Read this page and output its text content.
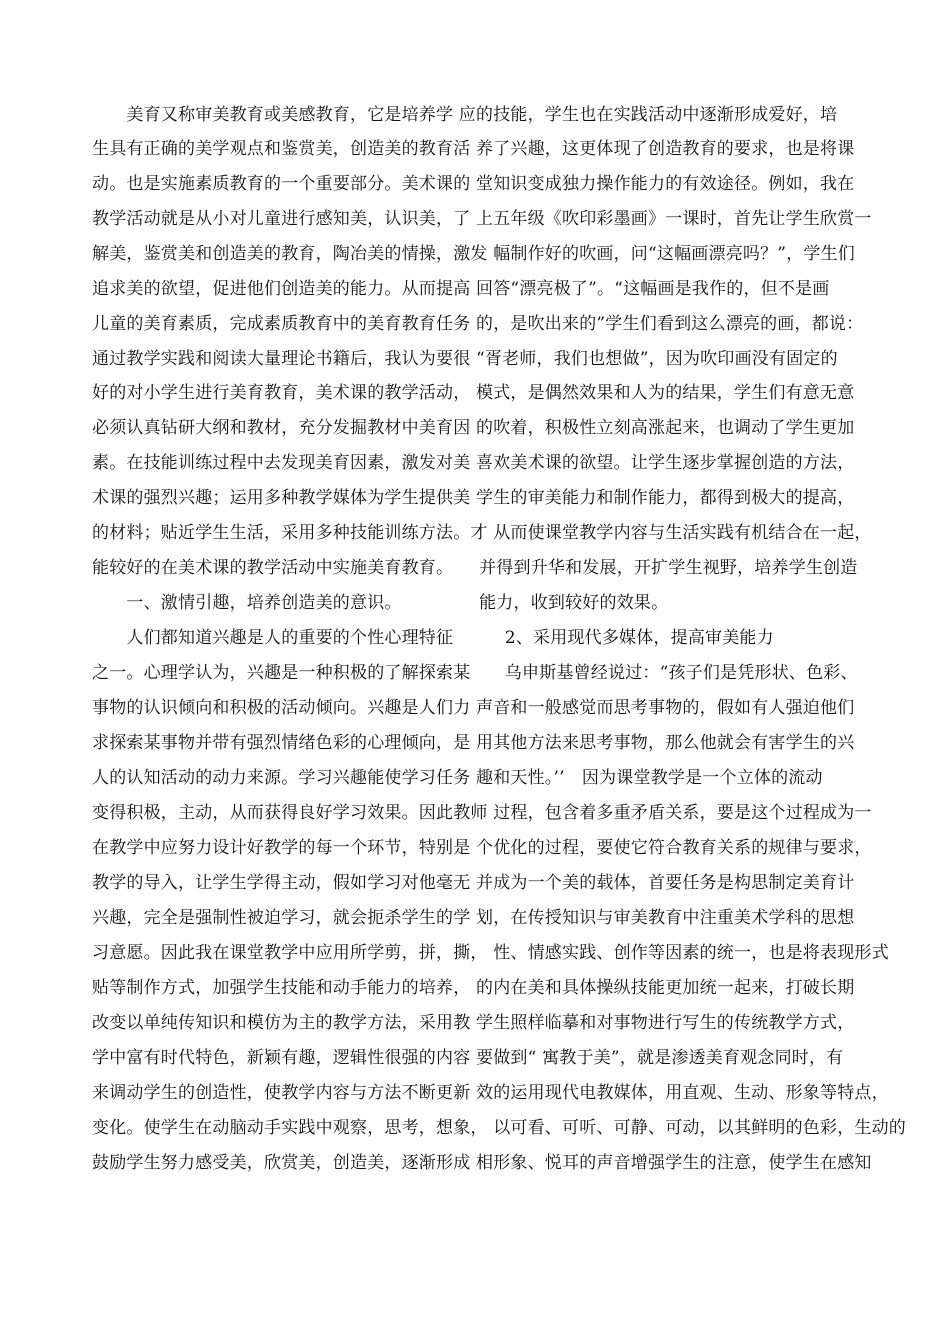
　　美育又称审美教育或美感教育，它是培养学 应的技能，学生也在实践活动中逐渐形成爱好，培
生具有正确的美学观点和鉴赏美，创造美的教育活 养了兴趣，这更体现了创造教育的要求，也是将课
动。也是实施素质教育的一个重要部分。美术课的 堂知识变成独力操作能力的有效途径。例如，我在
教学活动就是从小对儿童进行感知美，认识美，了 上五年级《吹印彩墨画》一课时，首先让学生欣赏一
解美，鉴赏美和创造美的教育，陶冶美的情操，激发 幅制作好的吹画，问“这幅画漂亮吗？”，学生们
追求美的欲望，促进他们创造美的能力。从而提高 回答“漂亮极了”。“这幅画是我作的，但不是画
儿童的美育素质，完成素质教育中的美育教育任务 的，是吹出来的”学生们看到这么漂亮的画，都说：
通过教学实践和阅读大量理论书籍后，我认为要很 “胥老师，我们也想做”，因为吹印画没有固定的
好的对小学生进行美育教育，美术课的教学活动， 模式，是偶然效果和人为的结果，学生们有意无意
必须认真钻研大纲和教材，充分发掘教材中美育因 的吹着，积极性立刻高涨起来，也调动了学生更加
素。在技能训练过程中去发现美育因素，激发对美 喜欢美术课的欲望。让学生逐步掌握创造的方法，
术课的强烈兴趣；运用多种教学媒体为学生提供美 学生的审美能力和制作能力，都得到极大的提高，
的材料；贴近学生生活，采用多种技能训练方法。才 从而使课堂教学内容与生活实践有机结合在一起，
能较好的在美术课的教学活动中实施美育教育。　　并得到升华和发展，开扩学生视野，培养学生创造
　　一、激情引趣，培养创造美的意识。　　　　　能力，收到较好的效果。
　　人们都知道兴趣是人的重要的个性心理特征　　　2、采用现代多媒体，提高审美能力
之一。心理学认为，兴趣是一种积极的了解探索某　　乌申斯基曾经说过：“孩子们是凭形状、色彩、
事物的认识倾向和积极的活动倾向。兴趣是人们力 声音和一般感觉而思考事物的，假如有人强迫他们
求探索某事物并带有强烈情绪色彩的心理倾向，是 用其他方法来思考事物，那么他就会有害学生的兴
人的认知活动的动力来源。学习兴趣能使学习任务 趣和天性。’’　因为课堂教学是一个立体的流动
变得积极，主动，从而获得良好学习效果。因此教师 过程，包含着多重矛盾关系，要是这个过程成为一
在教学中应努力设计好教学的每一个环节，特别是 个优化的过程，要使它符合教育关系的规律与要求，
教学的导入，让学生学得主动，假如学习对他毫无 并成为一个美的载体，首要任务是构思制定美育计
兴趣，完全是强制性被迫学习，就会扼杀学生的学 划，在传授知识与审美教育中注重美术学科的思想
习意愿。因此我在课堂教学中应用所学剪，拼，撕， 性、情感实践、创作等因素的统一，也是将表现形式
贴等制作方式，加强学生技能和动手能力的培养， 的内在美和具体操纵技能更加统一起来，打破长期
改变以单纯传知识和模仿为主的教学方法，采用教 学生照样临摹和对事物进行写生的传统教学方式，
学中富有时代特色，新颖有趣，逻辑性很强的内容 要做到“ 寓教于美”，就是渗透美育观念同时，有
来调动学生的创造性，使教学内容与方法不断更新 效的运用现代电教媒体，用直观、生动、形象等特点，
变化。使学生在动脑动手实践中观察，思考，想象， 以可看、可听、可静、可动，以其鲜明的色彩，生动的
鼓励学生努力感受美，欣赏美，创造美，逐渐形成 相形象、悦耳的声音增强学生的注意，使学生在感知
